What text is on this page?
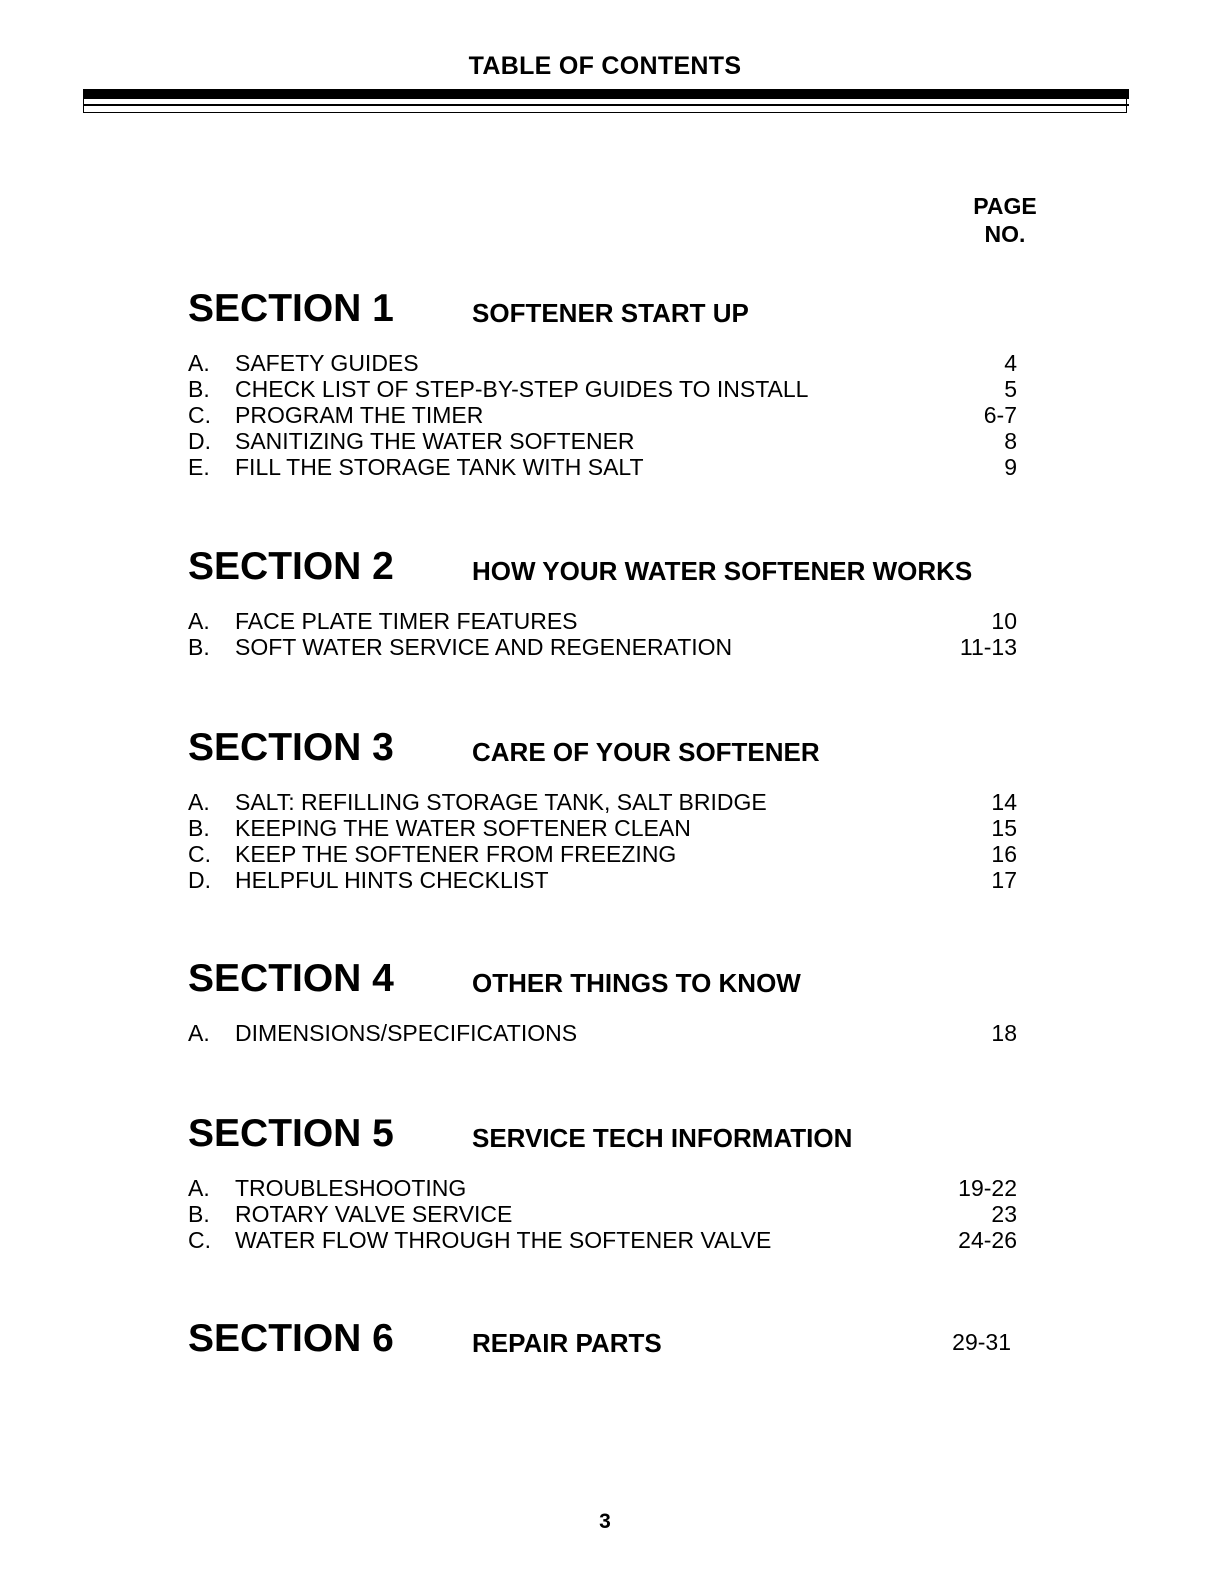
TABLE OF CONTENTS
PAGE
NO.
SECTION 1	SOFTENER START UP
A. SAFETY GUIDES	4
B. CHECK LIST OF STEP-BY-STEP GUIDES TO INSTALL	5
C. PROGRAM THE TIMER	6-7
D. SANITIZING THE WATER SOFTENER	8
E. FILL THE STORAGE TANK WITH SALT	9
SECTION 2	HOW YOUR WATER SOFTENER WORKS
A. FACE PLATE TIMER FEATURES	10
B. SOFT WATER SERVICE AND REGENERATION	11-13
SECTION 3	CARE OF YOUR SOFTENER
A. SALT: REFILLING STORAGE TANK, SALT BRIDGE	14
B. KEEPING THE WATER SOFTENER CLEAN	15
C. KEEP THE SOFTENER FROM FREEZING	16
D. HELPFUL HINTS CHECKLIST	17
SECTION 4	OTHER THINGS TO KNOW
A. DIMENSIONS/SPECIFICATIONS	18
SECTION 5	SERVICE TECH INFORMATION
A. TROUBLESHOOTING	19-22
B. ROTARY VALVE SERVICE	23
C. WATER FLOW THROUGH THE SOFTENER VALVE	24-26
SECTION 6	REPAIR PARTS	29-31
3
